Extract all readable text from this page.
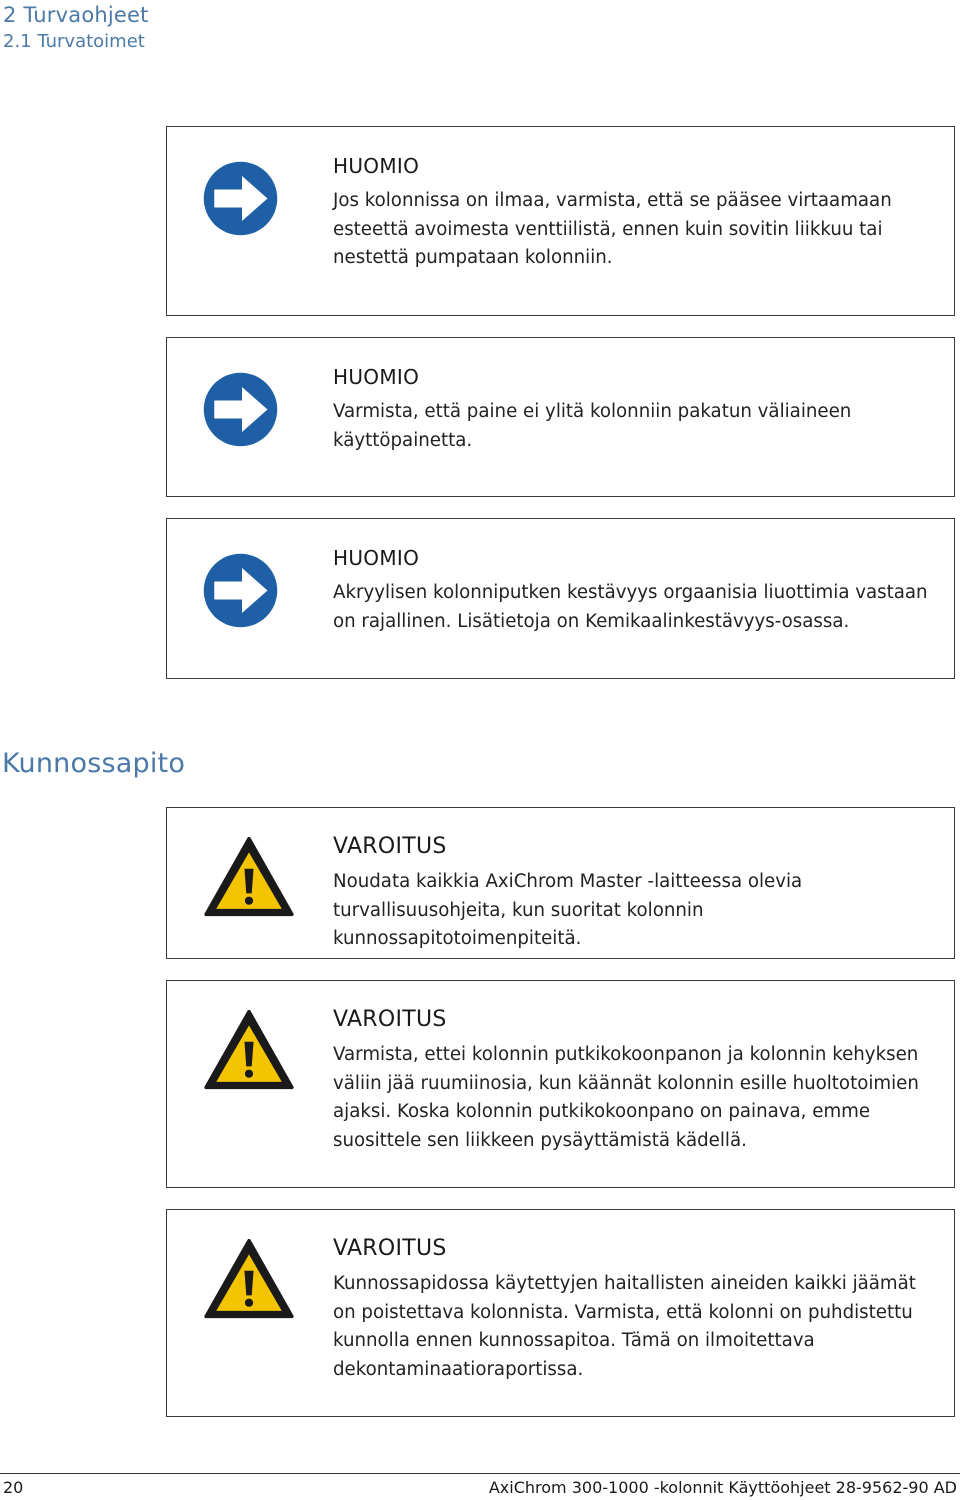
2 Turvaohjeet
2.1 Turvatoimet
HUOMIO
Jos kolonnissa on ilmaa, varmista, että se pääsee virtaamaan esteettä avoimesta venttiilistä, ennen kuin sovitin liikkuu tai nestettä pumpataan kolonniin.
HUOMIO
Varmista, että paine ei ylitä kolonniin pakatun väliaineen käyttöpainetta.
HUOMIO
Akryylisen kolonniputken kestävyys orgaanisia liuottimia vastaan on rajallinen. Lisätietoja on Kemikaalinkestävyys-osassa.
Kunnossapito
VAROITUS
Noudata kaikkia AxiChrom Master -laitteessa olevia turvallisuusohjeita, kun suoritat kolonnin kunnossapitotoimenpiteitä.
VAROITUS
Varmista, ettei kolonnin putkikokoonpanon ja kolonnin kehyksen väliin jää ruumiinosia, kun käännät kolonnin esille huoltotoimien ajaksi. Koska kolonnin putkikokoonpano on painava, emme suosittele sen liikkeen pysäyttämistä kädellä.
VAROITUS
Kunnossapidossa käytettyjen haitallisten aineiden kaikki jäämät on poistettava kolonnista. Varmista, että kolonni on puhdistettu kunnolla ennen kunnossapitoa. Tämä on ilmoitettava dekontaminaatioraportissa.
20	AxiChrom 300-1000 -kolonnit Käyttöohjeet 28-9562-90 AD
